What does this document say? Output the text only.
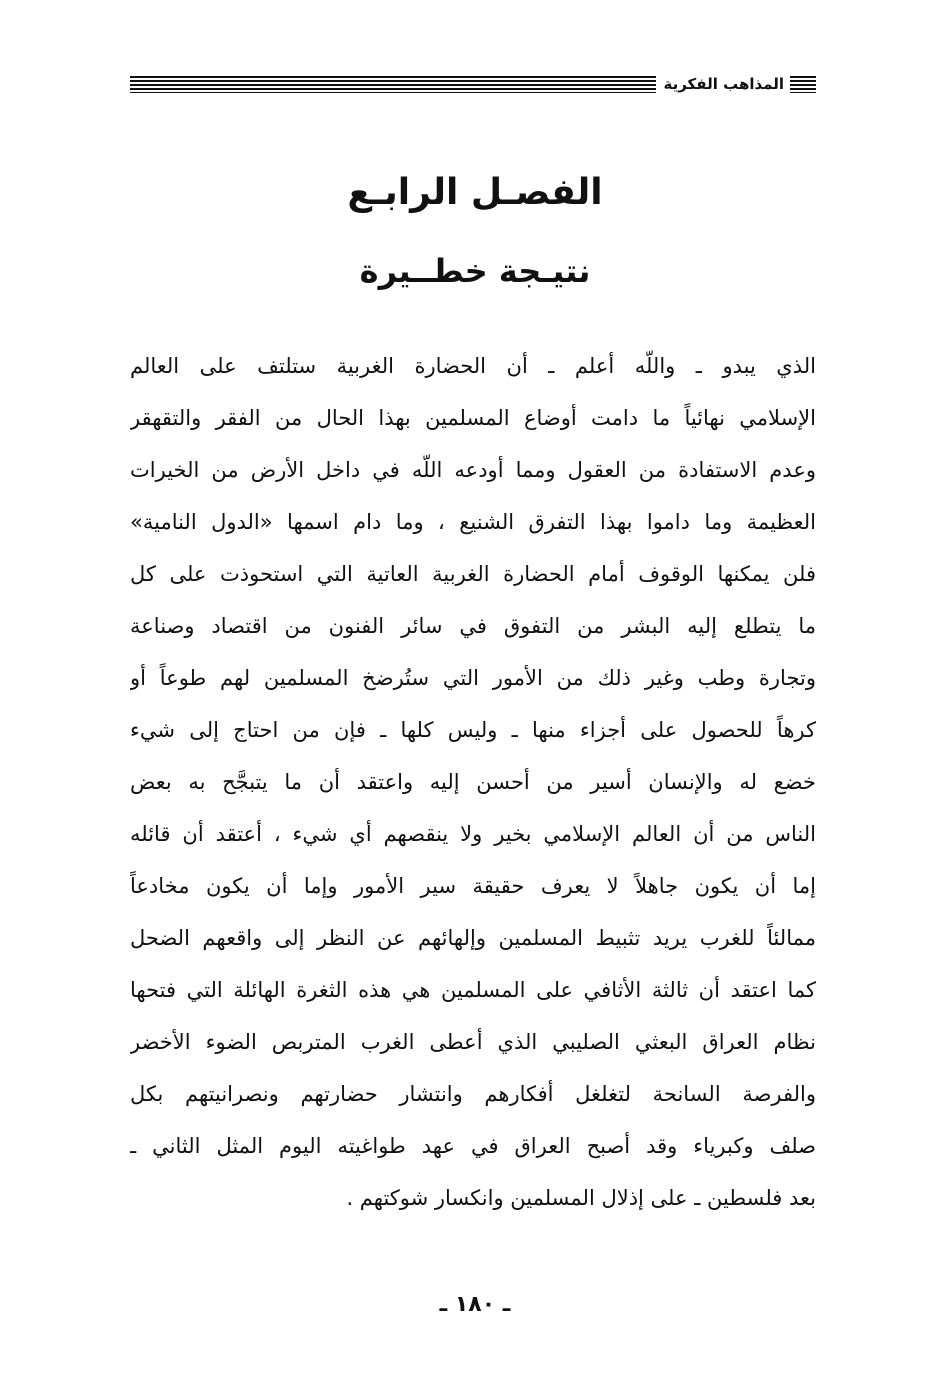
المذاهب الفكرية
الفصـل الرابـع
نتيـجة خطــيرة
الذي يبدو ـ واللّه أعلم ـ أن الحضارة الغربية ستلتف على العالم
الإسلامي نهائياً ما دامت أوضاع المسلمين بهذا الحال من الفقر والتقهقر
وعدم الاستفادة من العقول ومما أودعه اللّه في داخل الأرض من الخيرات
العظيمة وما داموا بهذا التفرق الشنيع ، وما دام اسمها «الدول النامية»
فلن يمكنها الوقوف أمام الحضارة الغربية العاتية التي استحوذت على كل
ما يتطلع إليه البشر من التفوق في سائر الفنون من اقتصاد وصناعة
وتجارة وطب وغير ذلك من الأمور التي ستُرضخ المسلمين لهم طوعاً أو
كرهاً للحصول على أجزاء منها ـ وليس كلها ـ فإن من احتاج إلى شيء
خضع له والإنسان أسير من أحسن إليه واعتقد أن ما يتبجَّح به بعض
الناس من أن العالم الإسلامي بخير ولا ينقصهم أي شيء ، أعتقد أن قائله
إما أن يكون جاهلاً لا يعرف حقيقة سير الأمور وإما أن يكون مخادعاً
ممالئاً للغرب يريد تثبيط المسلمين وإلهائهم عن النظر إلى واقعهم الضحل
كما اعتقد أن ثالثة الأثافي على المسلمين هي هذه الثغرة الهائلة التي فتحها
نظام العراق البعثي الصليبي الذي أعطى الغرب المتربص الضوء الأخضر
والفرصة السانحة لتغلغل أفكارهم وانتشار حضارتهم ونصرانيتهم بكل
صلف وكبرياء وقد أصبح العراق في عهد طواغيته اليوم المثل الثاني ـ
بعد فلسطين ـ على إذلال المسلمين وانكسار شوكتهم .
ـ ١٨٠ ـ
